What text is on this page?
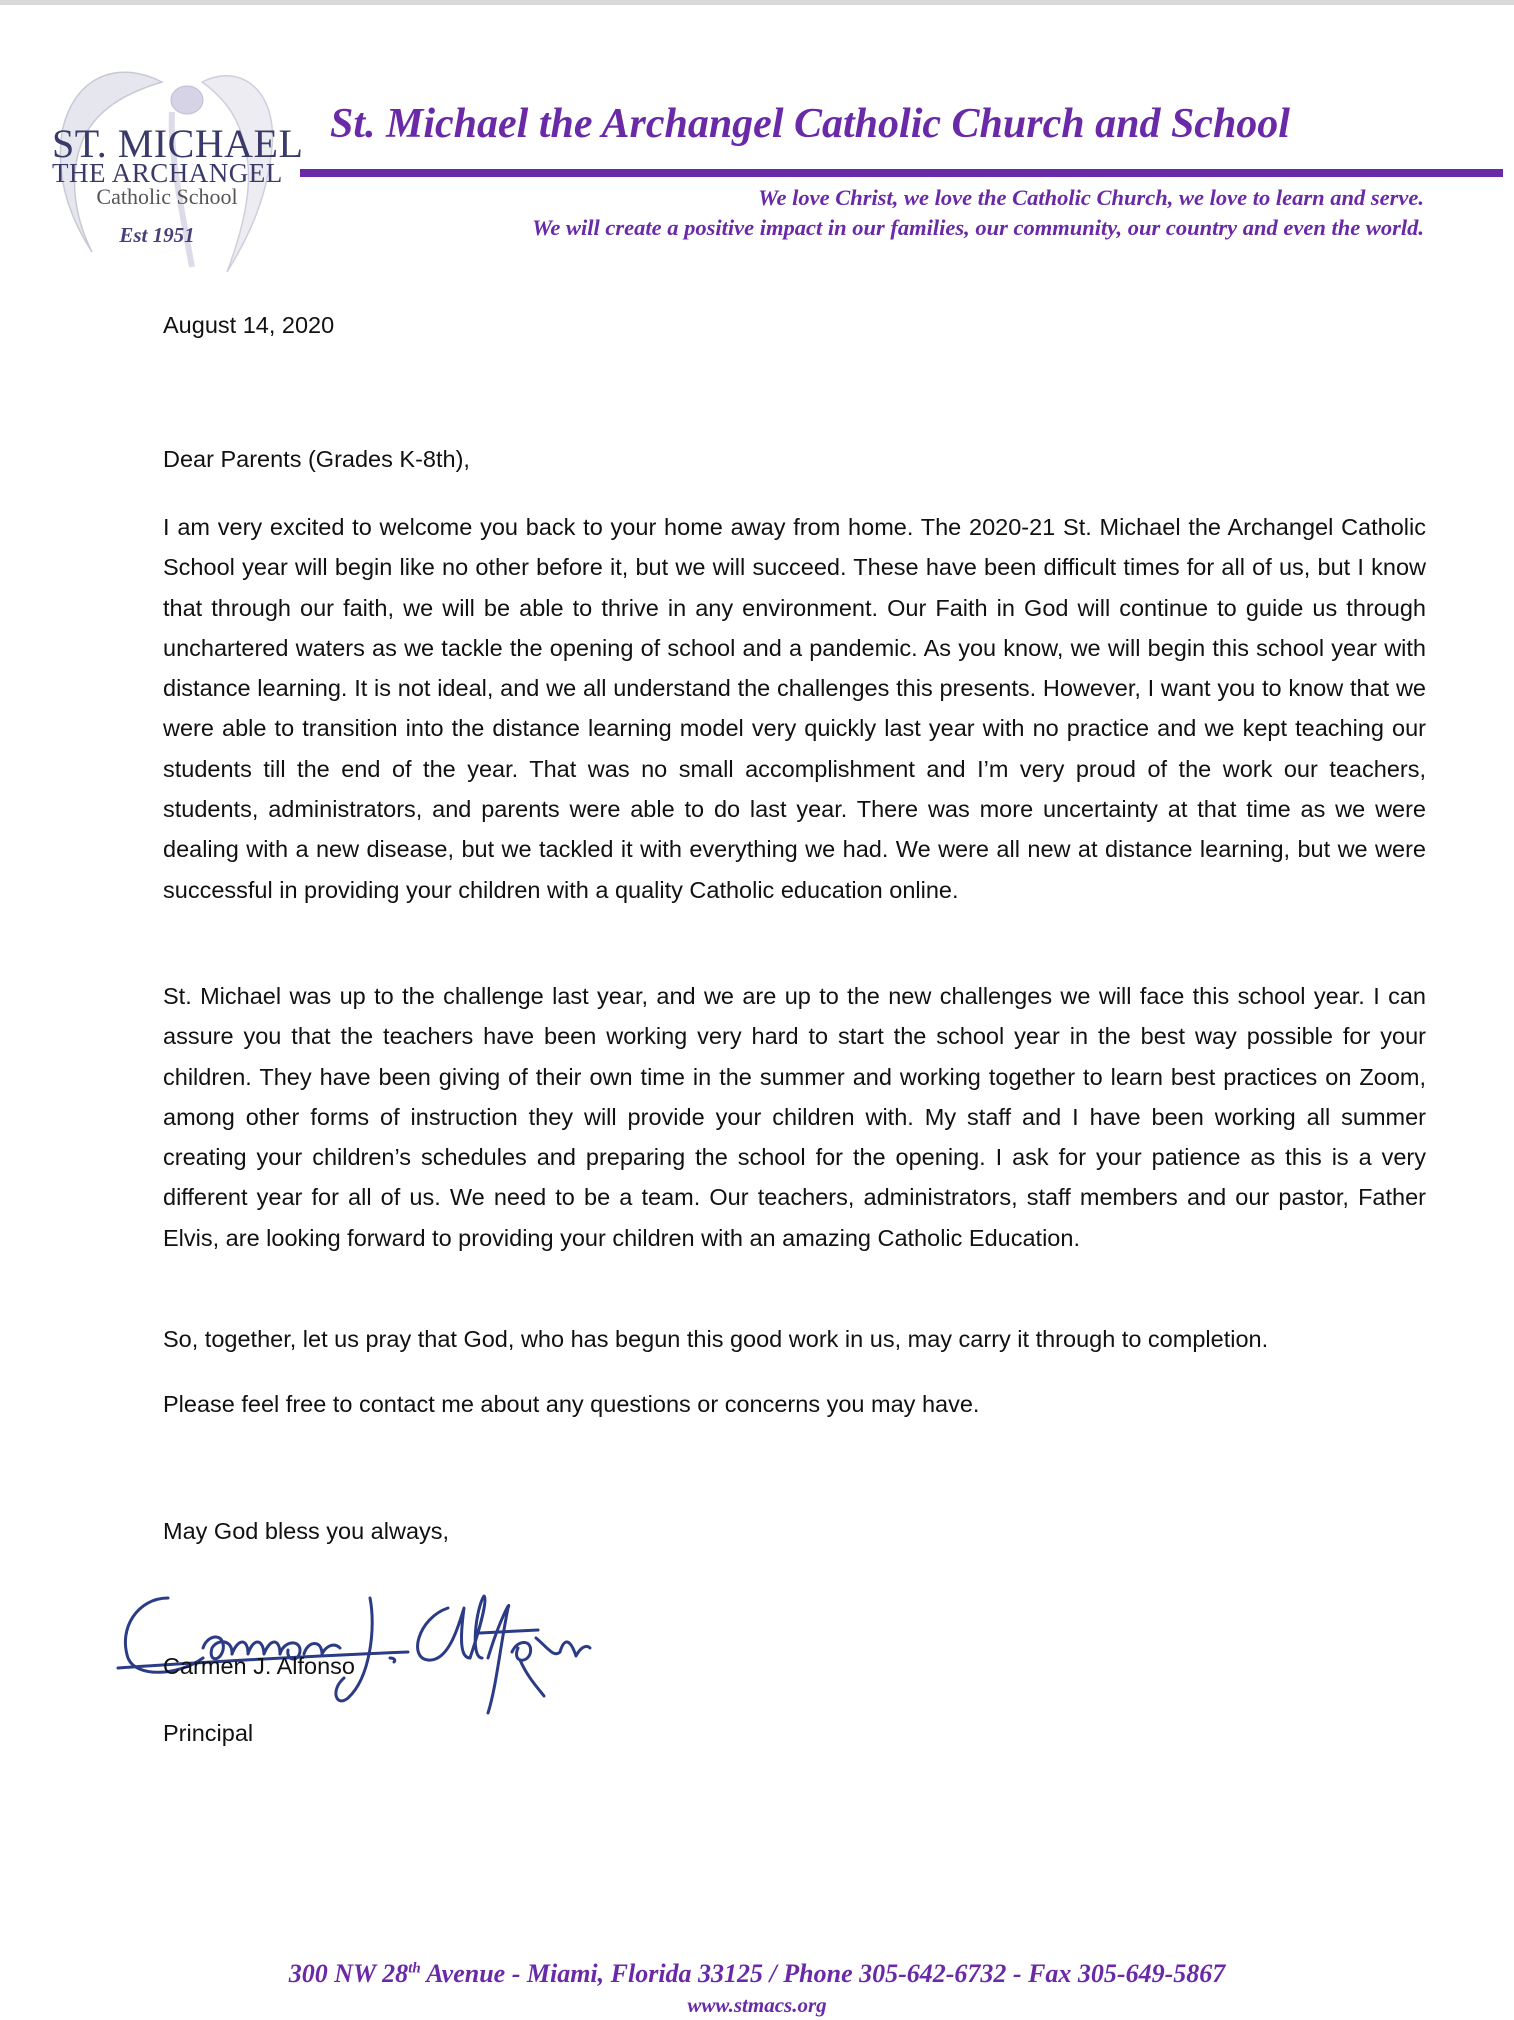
ST. MICHAEL
THE ARCHANGEL
Catholic School
Est 1951
St. Michael the Archangel Catholic Church and School
We love Christ, we love the Catholic Church, we love to learn and serve.
We will create a positive impact in our families, our community, our country and even the world.
August 14, 2020
Dear Parents (Grades K-8th),

I am very excited to welcome you back to your home away from home. The 2020-21 St. Michael the Archangel Catholic School year will begin like no other before it, but we will succeed. These have been difficult times for all of us, but I know that through our faith, we will be able to thrive in any environment. Our Faith in God will continue to guide us through unchartered waters as we tackle the opening of school and a pandemic. As you know, we will begin this school year with distance learning. It is not ideal, and we all understand the challenges this presents. However, I want you to know that we were able to transition into the distance learning model very quickly last year with no practice and we kept teaching our students till the end of the year. That was no small accomplishment and I’m very proud of the work our teachers, students, administrators, and parents were able to do last year. There was more uncertainty at that time as we were dealing with a new disease, but we tackled it with everything we had. We were all new at distance learning, but we were successful in providing your children with a quality Catholic education online.

St. Michael was up to the challenge last year, and we are up to the new challenges we will face this school year. I can assure you that the teachers have been working very hard to start the school year in the best way possible for your children. They have been giving of their own time in the summer and working together to learn best practices on Zoom, among other forms of instruction they will provide your children with. My staff and I have been working all summer creating your children’s schedules and preparing the school for the opening. I ask for your patience as this is a very different year for all of us. We need to be a team. Our teachers, administrators, staff members and our pastor, Father Elvis, are looking forward to providing your children with an amazing Catholic Education.

So, together, let us pray that God, who has begun this good work in us, may carry it through to completion.

Please feel free to contact me about any questions or concerns you may have.

May God bless you always,
Carmen J. Alfonso
Principal
300 NW 28th Avenue - Miami, Florida 33125 / Phone 305-642-6732 - Fax 305-649-5867
www.stmacs.org
